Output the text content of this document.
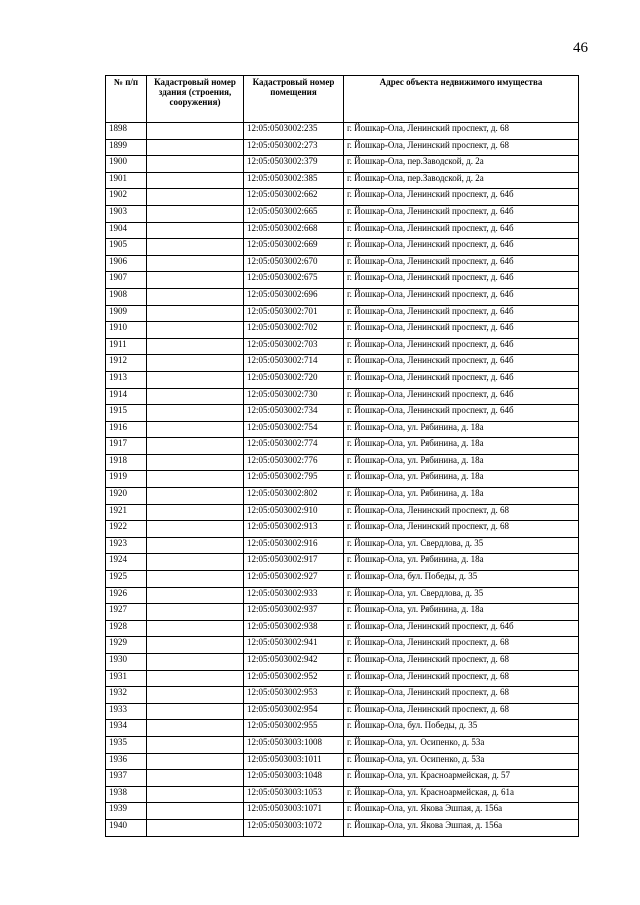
46
№ п/п	Кадастровый номер здания (строения, сооружения)	Кадастровый номер помещения	Адрес объекта недвижимого имущества
1898		12:05:0503002:235	г. Йошкар-Ола, Ленинский проспект, д. 68
1899		12:05:0503002:273	г. Йошкар-Ола, Ленинский проспект, д. 68
1900		12:05:0503002:379	г. Йошкар-Ола, пер.Заводской, д. 2а
1901		12:05:0503002:385	г. Йошкар-Ола, пер.Заводской, д. 2а
1902		12:05:0503002:662	г. Йошкар-Ола, Ленинский проспект, д. 64б
1903		12:05:0503002:665	г. Йошкар-Ола, Ленинский проспект, д. 64б
1904		12:05:0503002:668	г. Йошкар-Ола, Ленинский проспект, д. 64б
1905		12:05:0503002:669	г. Йошкар-Ола, Ленинский проспект, д. 64б
1906		12:05:0503002:670	г. Йошкар-Ола, Ленинский проспект, д. 64б
1907		12:05:0503002:675	г. Йошкар-Ола, Ленинский проспект, д. 64б
1908		12:05:0503002:696	г. Йошкар-Ола, Ленинский проспект, д. 64б
1909		12:05:0503002:701	г. Йошкар-Ола, Ленинский проспект, д. 64б
1910		12:05:0503002:702	г. Йошкар-Ола, Ленинский проспект, д. 64б
1911		12:05:0503002:703	г. Йошкар-Ола, Ленинский проспект, д. 64б
1912		12:05:0503002:714	г. Йошкар-Ола, Ленинский проспект, д. 64б
1913		12:05:0503002:720	г. Йошкар-Ола, Ленинский проспект, д. 64б
1914		12:05:0503002:730	г. Йошкар-Ола, Ленинский проспект, д. 64б
1915		12:05:0503002:734	г. Йошкар-Ола, Ленинский проспект, д. 64б
1916		12:05:0503002:754	г. Йошкар-Ола, ул. Рябинина, д. 18а
1917		12:05:0503002:774	г. Йошкар-Ола, ул. Рябинина, д. 18а
1918		12:05:0503002:776	г. Йошкар-Ола, ул. Рябинина, д. 18а
1919		12:05:0503002:795	г. Йошкар-Ола, ул. Рябинина, д. 18а
1920		12:05:0503002:802	г. Йошкар-Ола, ул. Рябинина, д. 18а
1921		12:05:0503002:910	г. Йошкар-Ола, Ленинский проспект, д. 68
1922		12:05:0503002:913	г. Йошкар-Ола, Ленинский проспект, д. 68
1923		12:05:0503002:916	г. Йошкар-Ола, ул. Свердлова, д. 35
1924		12:05:0503002:917	г. Йошкар-Ола, ул. Рябинина, д. 18а
1925		12:05:0503002:927	г. Йошкар-Ола, бул. Победы, д. 35
1926		12:05:0503002:933	г. Йошкар-Ола, ул. Свердлова, д. 35
1927		12:05:0503002:937	г. Йошкар-Ола, ул. Рябинина, д. 18а
1928		12:05:0503002:938	г. Йошкар-Ола, Ленинский проспект, д. 64б
1929		12:05:0503002:941	г. Йошкар-Ола, Ленинский проспект, д. 68
1930		12:05:0503002:942	г. Йошкар-Ола, Ленинский проспект, д. 68
1931		12:05:0503002:952	г. Йошкар-Ола, Ленинский проспект, д. 68
1932		12:05:0503002:953	г. Йошкар-Ола, Ленинский проспект, д. 68
1933		12:05:0503002:954	г. Йошкар-Ола, Ленинский проспект, д. 68
1934		12:05:0503002:955	г. Йошкар-Ола, бул. Победы, д. 35
1935		12:05:0503003:1008	г. Йошкар-Ола, ул. Осипенко, д. 53а
1936		12:05:0503003:1011	г. Йошкар-Ола, ул. Осипенко, д. 53а
1937		12:05:0503003:1048	г. Йошкар-Ола, ул. Красноармейская, д. 57
1938		12:05:0503003:1053	г. Йошкар-Ола, ул. Красноармейская, д. 61а
1939		12:05:0503003:1071	г. Йошкар-Ола, ул. Якова Эшпая, д. 156а
1940		12:05:0503003:1072	г. Йошкар-Ола, ул. Якова Эшпая, д. 156а
